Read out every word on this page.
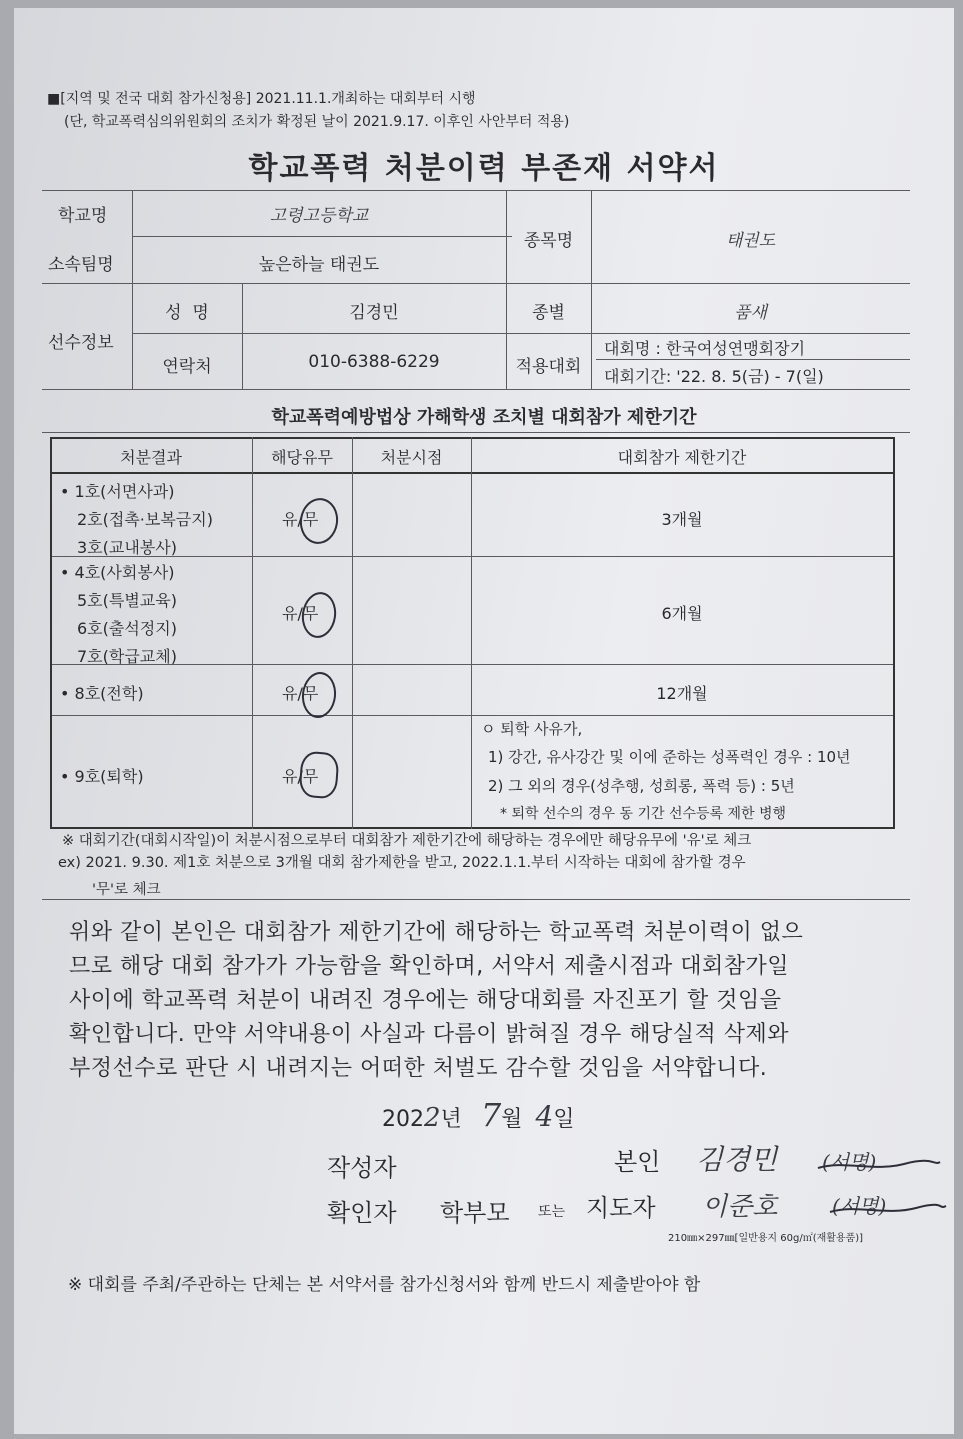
■[지역 및 전국 대회 참가신청용] 2021.11.1.개최하는 대회부터 시행
(단, 학교폭력심의위원회의 조치가 확정된 날이 2021.9.17. 이후인 사안부터 적용)
학교폭력 처분이력 부존재 서약서
학교명	고령고등학교
소속팀명	높은하늘 태권도
종목명	태권도
선수정보
성  명	김경민	종별	품새
연락처	010-6388-6229	적용대회
대회명 : 한국여성연맹회장기
대회기간: '22. 8. 5(금) - 7(일)
학교폭력예방법상 가해학생 조치별 대회참가 제한기간
처분결과	해당유무	처분시점	대회참가 제한기간
• 1호(서면사과)
2호(접촉·보복금지)
3호(교내봉사)
유/무	3개월
• 4호(사회봉사)
5호(특별교육)
6호(출석정지)
7호(학급교체)
유/무	6개월
• 8호(전학)	유/무	12개월
• 9호(퇴학)	유/무
ㅇ 퇴학 사유가,
1) 강간, 유사강간 및 이에 준하는 성폭력인 경우 : 10년
2) 그 외의 경우(성추행, 성희롱, 폭력 등) : 5년
* 퇴학 선수의 경우 동 기간 선수등록 제한 병행
※ 대회기간(대회시작일)이 처분시점으로부터 대회참가 제한기간에 해당하는 경우에만 해당유무에 '유'로 체크
ex) 2021. 9.30. 제1호 처분으로 3개월 대회 참가제한을 받고, 2022.1.1.부터 시작하는 대회에 참가할 경우
'무'로 체크
위와 같이 본인은 대회참가 제한기간에 해당하는 학교폭력 처분이력이 없으
므로 해당 대회 참가가 가능함을 확인하며, 서약서 제출시점과 대회참가일
사이에 학교폭력 처분이 내려진 경우에는 해당대회를 자진포기 할 것임을
확인합니다. 만약 서약내용이 사실과 다름이 밝혀질 경우 해당실적 삭제와
부정선수로 판단 시 내려지는 어떠한 처벌도 감수할 것임을 서약합니다.
2022년 7월 4일
작성자	본인 김경민 (서명)
확인자 학부모 또는 지도자 이준호	(서명)
210㎜×297㎜[일반용지 60g/㎡(재활용품)]
※ 대회를 주최/주관하는 단체는 본 서약서를 참가신청서와 함께 반드시 제출받아야 함
